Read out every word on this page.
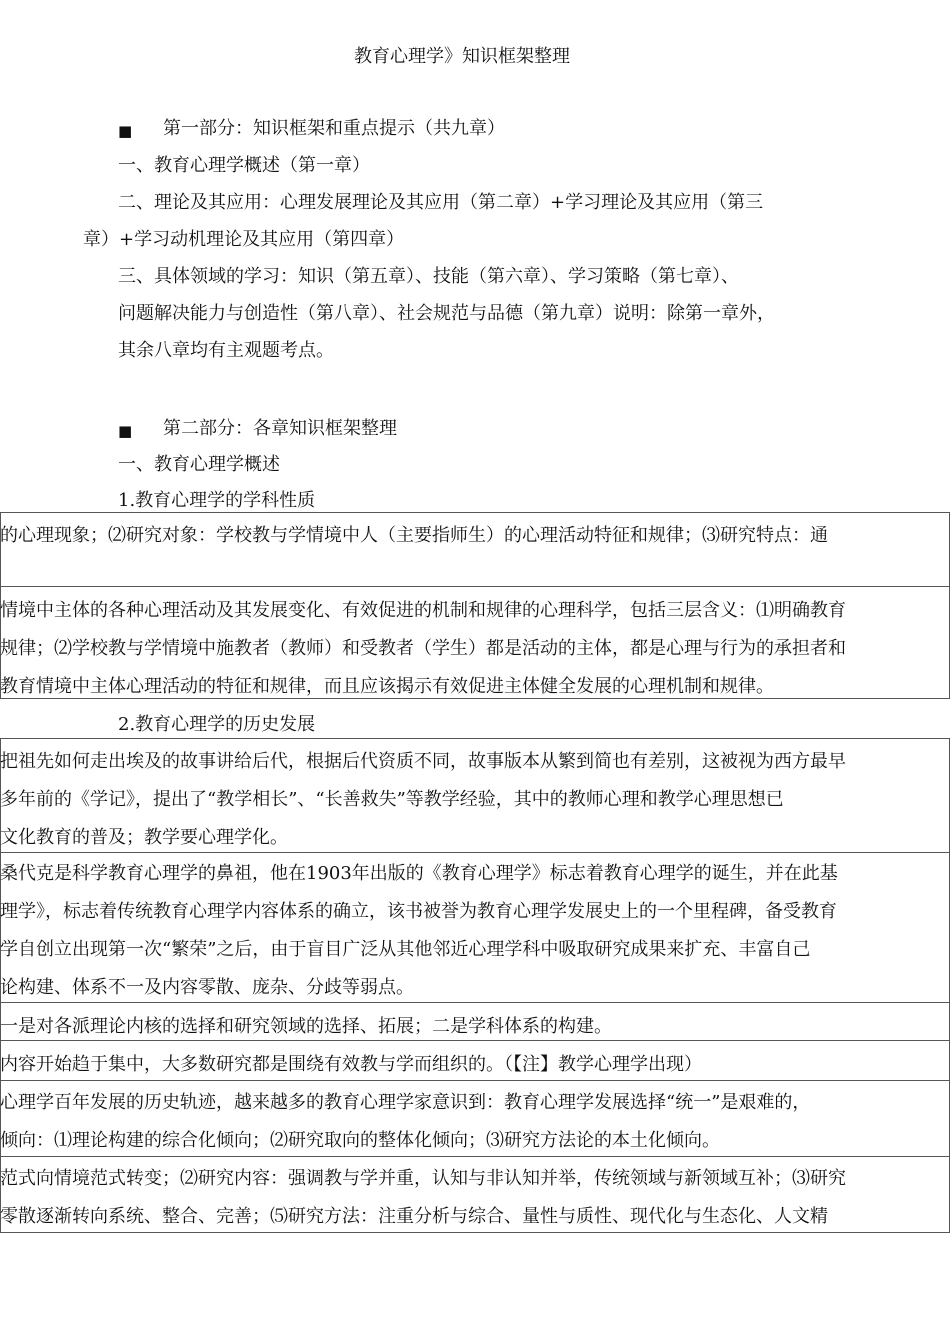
教育心理学》知识框架整理
■ 第一部分：知识框架和重点提示（共九章）
一、教育心理学概述（第一章）
二、理论及其应用：心理发展理论及其应用（第二章）+学习理论及其应用（第三
章）+学习动机理论及其应用（第四章）
三、具体领域的学习：知识（第五章）、技能（第六章）、学习策略（第七章）、
问题解决能力与创造性（第八章）、社会规范与品德（第九章）说明：除第一章外，
其余八章均有主观题考点。
■ 第二部分：各章知识框架整理
一、教育心理学概述
1.教育心理学的学科性质
的心理现象；⑵研究对象：学校教与学情境中人（主要指师生）的心理活动特征和规律；⑶研究特点：通
情境中主体的各种心理活动及其发展变化、有效促进的机制和规律的心理科学，包括三层含义：⑴明确教育
规律；⑵学校教与学情境中施教者（教师）和受教者（学生）都是活动的主体，都是心理与行为的承担者和
教育情境中主体心理活动的特征和规律，而且应该揭示有效促进主体健全发展的心理机制和规律。
2.教育心理学的历史发展
把祖先如何走出埃及的故事讲给后代，根据后代资质不同，故事版本从繁到简也有差别，这被视为西方最早
多年前的《学记》，提出了“教学相长”、“长善救失”等教学经验，其中的教师心理和教学心理思想已
文化教育的普及；教学要心理学化。
桑代克是科学教育心理学的鼻祖，他在1903年出版的《教育心理学》标志着教育心理学的诞生，并在此基
理学》，标志着传统教育心理学内容体系的确立，该书被誉为教育心理学发展史上的一个里程碑，备受教育
学自创立出现第一次“繁荣”之后，由于盲目广泛从其他邻近心理学科中吸取研究成果来扩充、丰富自己
论构建、体系不一及内容零散、庞杂、分歧等弱点。
一是对各派理论内核的选择和研究领域的选择、拓展；二是学科体系的构建。
内容开始趋于集中，大多数研究都是围绕有效教与学而组织的。（【注】教学心理学出现）
心理学百年发展的历史轨迹，越来越多的教育心理学家意识到：教育心理学发展选择“统一”是艰难的，
倾向：⑴理论构建的综合化倾向；⑵研究取向的整体化倾向；⑶研究方法论的本土化倾向。
范式向情境范式转变；⑵研究内容：强调教与学并重，认知与非认知并举，传统领域与新领域互补；⑶研究
零散逐渐转向系统、整合、完善；⑸研究方法：注重分析与综合、量性与质性、现代化与生态化、人文精
